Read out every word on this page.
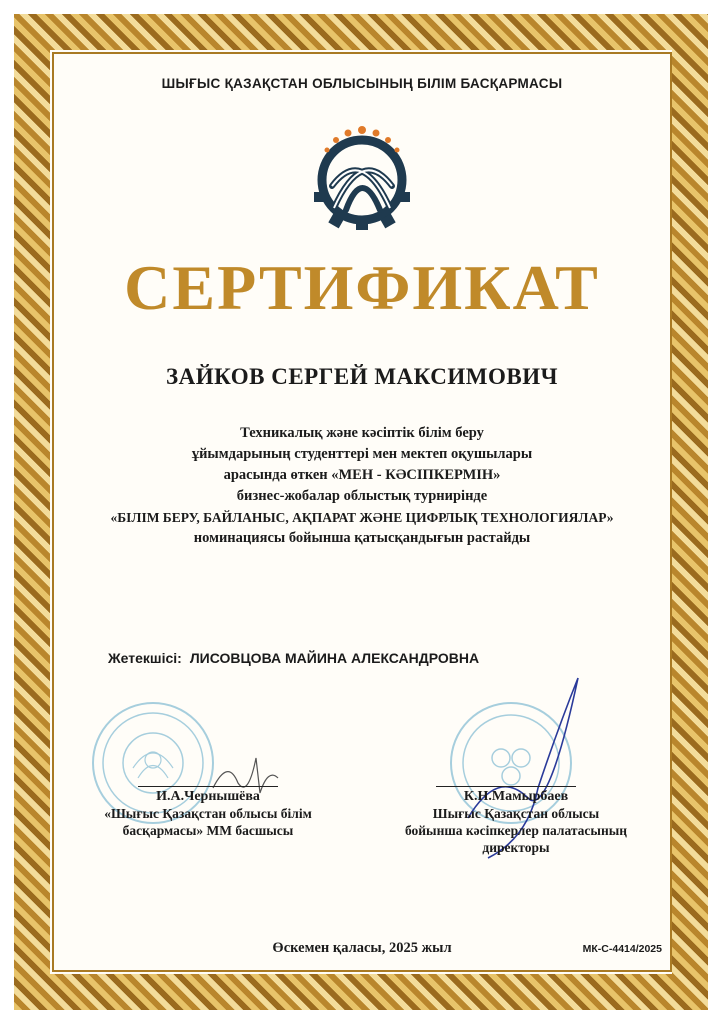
ШЫҒЫС ҚАЗАҚСТАН ОБЛЫСЫНЫҢ БІЛІМ БАСҚАРМАСЫ
СЕРТИФИКАТ
ЗАЙКОВ СЕРГЕЙ МАКСИМОВИЧ
Техникалық және кәсіптік білім беру
ұйымдарының студенттері мен мектеп оқушылары
арасында өткен «МЕН - КӘСІПКЕРМІН»
бизнес-жобалар облыстық турнирінде
«БІЛІМ БЕРУ, БАЙЛАНЫС, АҚПАРАТ ЖӘНЕ ЦИФРЛЫҚ ТЕХНОЛОГИЯЛАР»
номинациясы бойынша қатысқандығын растайды
Жетекшісі: ЛИСОВЦОВА МАЙИНА АЛЕКСАНДРОВНА
И.А.Чернышёва
«Шығыс Қазақстан облысы білім
басқармасы» ММ басшысы
К.Н.Мамырбаев
Шығыс Қазақстан облысы
бойынша кәсіпкерлер палатасының
директоры
Өскемен қаласы, 2025 жыл	МК-С-4414/2025
